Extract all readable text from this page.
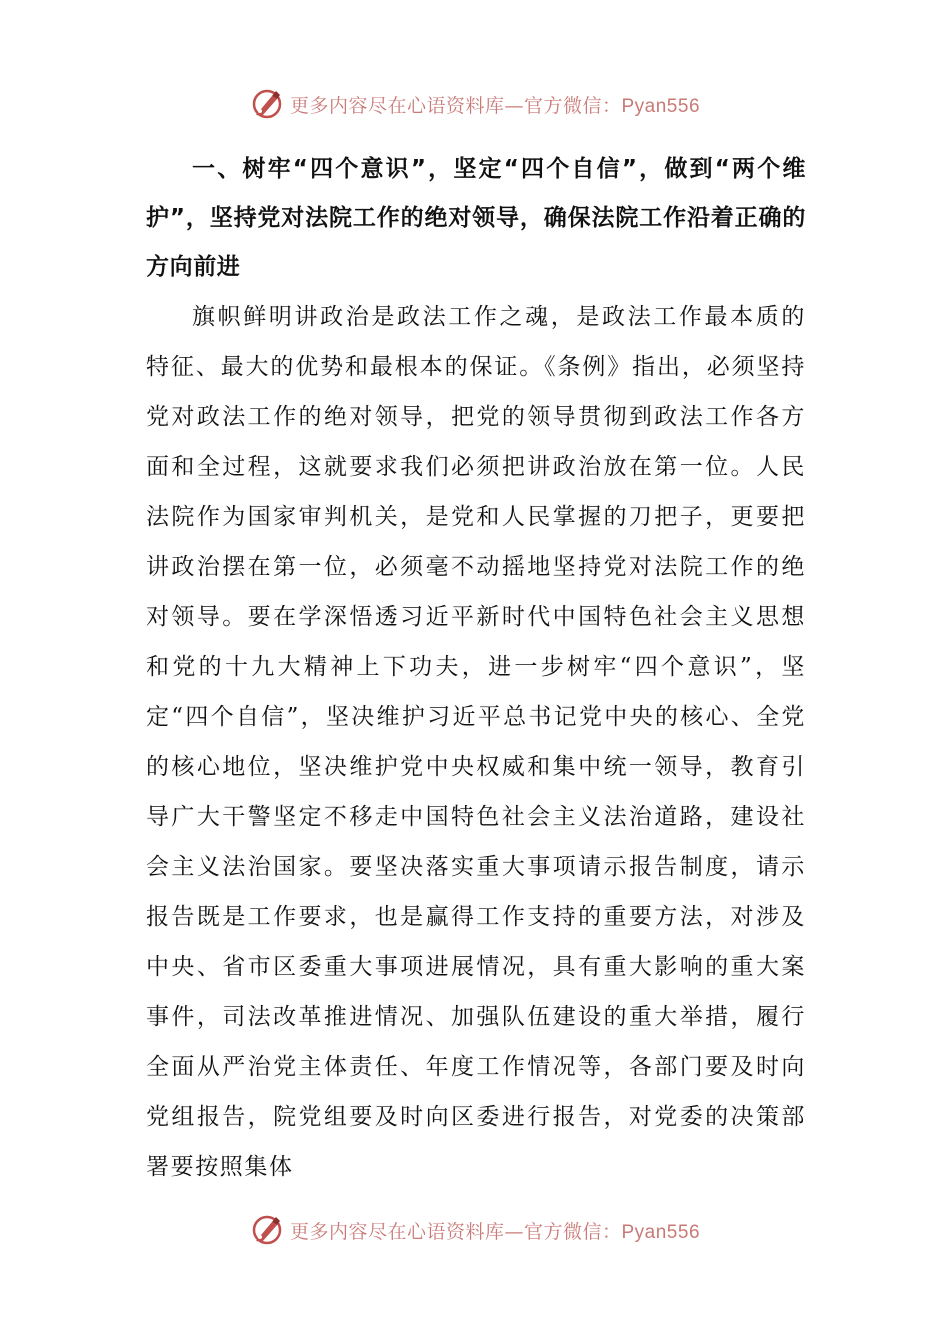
更多内容尽在心语资料库—官方微信：Pyan556

一、树牢“四个意识”，坚定“四个自信”，做到“两个维护”，坚持党对法院工作的绝对领导，确保法院工作沿着正确的方向前进

旗帜鲜明讲政治是政法工作之魂，是政法工作最本质的特征、最大的优势和最根本的保证。《条例》指出，必须坚持党对政法工作的绝对领导，把党的领导贯彻到政法工作各方面和全过程，这就要求我们必须把讲政治放在第一位。人民法院作为国家审判机关，是党和人民掌握的刀把子，更要把讲政治摆在第一位，必须毫不动摇地坚持党对法院工作的绝对领导。要在学深悟透习近平新时代中国特色社会主义思想和党的十九大精神上下功夫，进一步树牢“四个意识”，坚定“四个自信”，坚决维护习近平总书记党中央的核心、全党的核心地位，坚决维护党中央权威和集中统一领导，教育引导广大干警坚定不移走中国特色社会主义法治道路，建设社会主义法治国家。要坚决落实重大事项请示报告制度，请示报告既是工作要求，也是赢得工作支持的重要方法，对涉及中央、省市区委重大事项进展情况，具有重大影响的重大案事件，司法改革推进情况、加强队伍建设的重大举措，履行全面从严治党主体责任、年度工作情况等，各部门要及时向党组报告，院党组要及时向区委进行报告，对党委的决策部署要按照集体

更多内容尽在心语资料库—官方微信：Pyan556
